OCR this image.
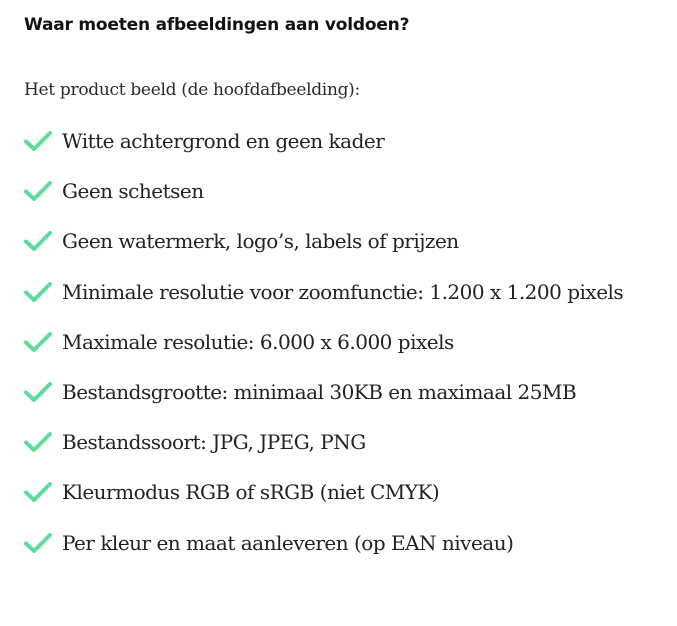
Waar moeten afbeeldingen aan voldoen?

Het product beeld (de hoofdafbeelding):

Witte achtergrond en geen kader
Geen schetsen
Geen watermerk, logo’s, labels of prijzen
Minimale resolutie voor zoomfunctie: 1.200 x 1.200 pixels
Maximale resolutie: 6.000 x 6.000 pixels
Bestandsgrootte: minimaal 30KB en maximaal 25MB
Bestandssoort: JPG, JPEG, PNG
Kleurmodus RGB of sRGB (niet CMYK)
Per kleur en maat aanleveren (op EAN niveau)
